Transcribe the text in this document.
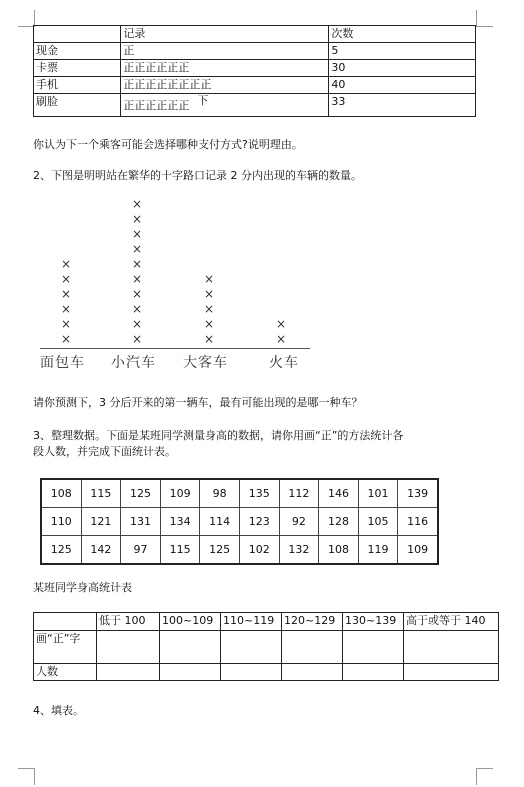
	记录	次数
现金	正	5
卡票	正正正正正正	30
手机	正正正正正正正正	40
刷脸	正正正正正正 下	33
你认为下一个乘客可能会选择哪种支付方式?说明理由。
2、下图是明明站在繁华的十字路口记录 2 分内出现的车辆的数量。
×
×
×
×
×
×
面包车
×
×
×
×
×
×
×
×
×
×
小汽车
×
×
×
×
×
大客车
×
×
火车
请你预测下，3 分后开来的第一辆车，最有可能出现的是哪一种车？
3、整理数据。下面是某班同学测量身高的数据，请你用画“正”的方法统计各
段人数，并完成下面统计表。
108	115	125	109	98	135	112	146	101	139
110	121	131	134	114	123	92	128	105	116
125	142	97	115	125	102	132	108	119	109
某班同学身高统计表
	低于 100	100~109	110~119	120~129	130~139	高于或等于 140
画“正”字						
人数						
4、填表。
